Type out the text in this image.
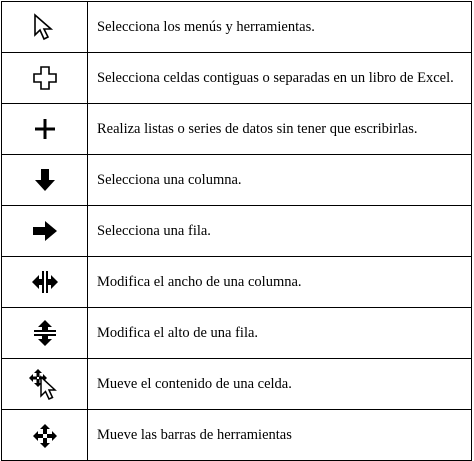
Selecciona los menús y herramientas.
Selecciona celdas contiguas o separadas en un libro de Excel.
Realiza listas o series de datos sin tener que escribirlas.
Selecciona una columna.
Selecciona una fila.
Modifica el ancho de una columna.
Modifica el alto de una fila.
Mueve el contenido de una celda.
Mueve las barras de herramientas
